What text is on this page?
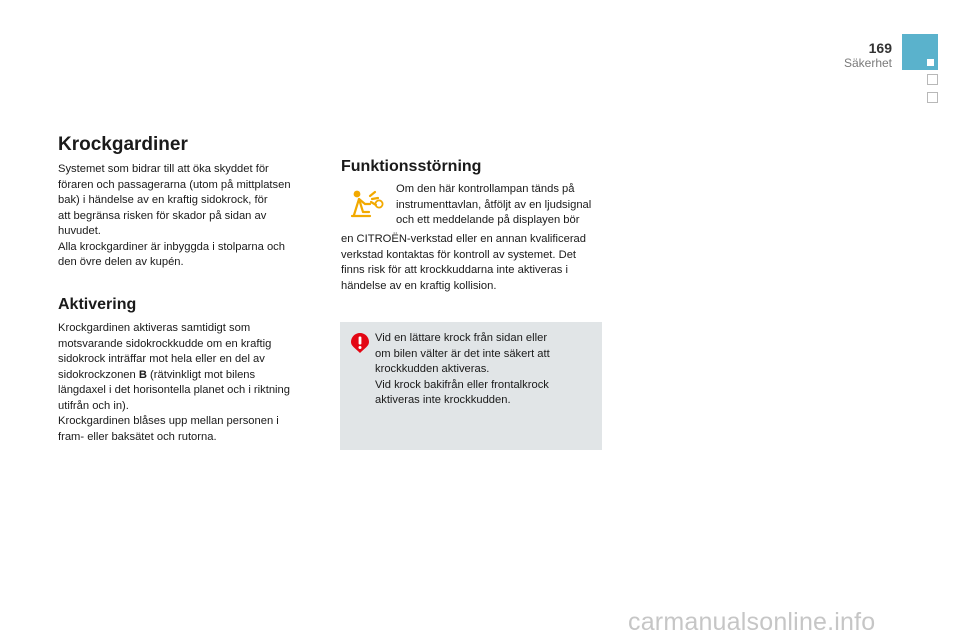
169
Säkerhet
Krockgardiner
Systemet som bidrar till att öka skyddet för
föraren och passagerarna (utom på mittplatsen
bak) i händelse av en kraftig sidokrock, för
att begränsa risken för skador på sidan av
huvudet.
Alla krockgardiner är inbyggda i stolparna och
den övre delen av kupén.
Aktivering
Krockgardinen aktiveras samtidigt som
motsvarande sidokrockkudde om en kraftig
sidokrock inträffar mot hela eller en del av
sidokrockzonen B (rätvinkligt mot bilens
längdaxel i det horisontella planet och i riktning
utifrån och in).
Krockgardinen blåses upp mellan personen i
fram- eller baksätet och rutorna.
Funktionsstörning
Om den här kontrollampan tänds på
instrumenttavlan, åtföljt av en ljudsignal
och ett meddelande på displayen bör
en CITROËN-verkstad eller en annan kvalificerad
verkstad kontaktas för kontroll av systemet. Det
finns risk för att krockkuddarna inte aktiveras i
händelse av en kraftig kollision.
Vid en lättare krock från sidan eller
om bilen välter är det inte säkert att
krockkudden aktiveras.
Vid krock bakifrån eller frontalkrock
aktiveras inte krockkudden.
carmanualsonline.info
